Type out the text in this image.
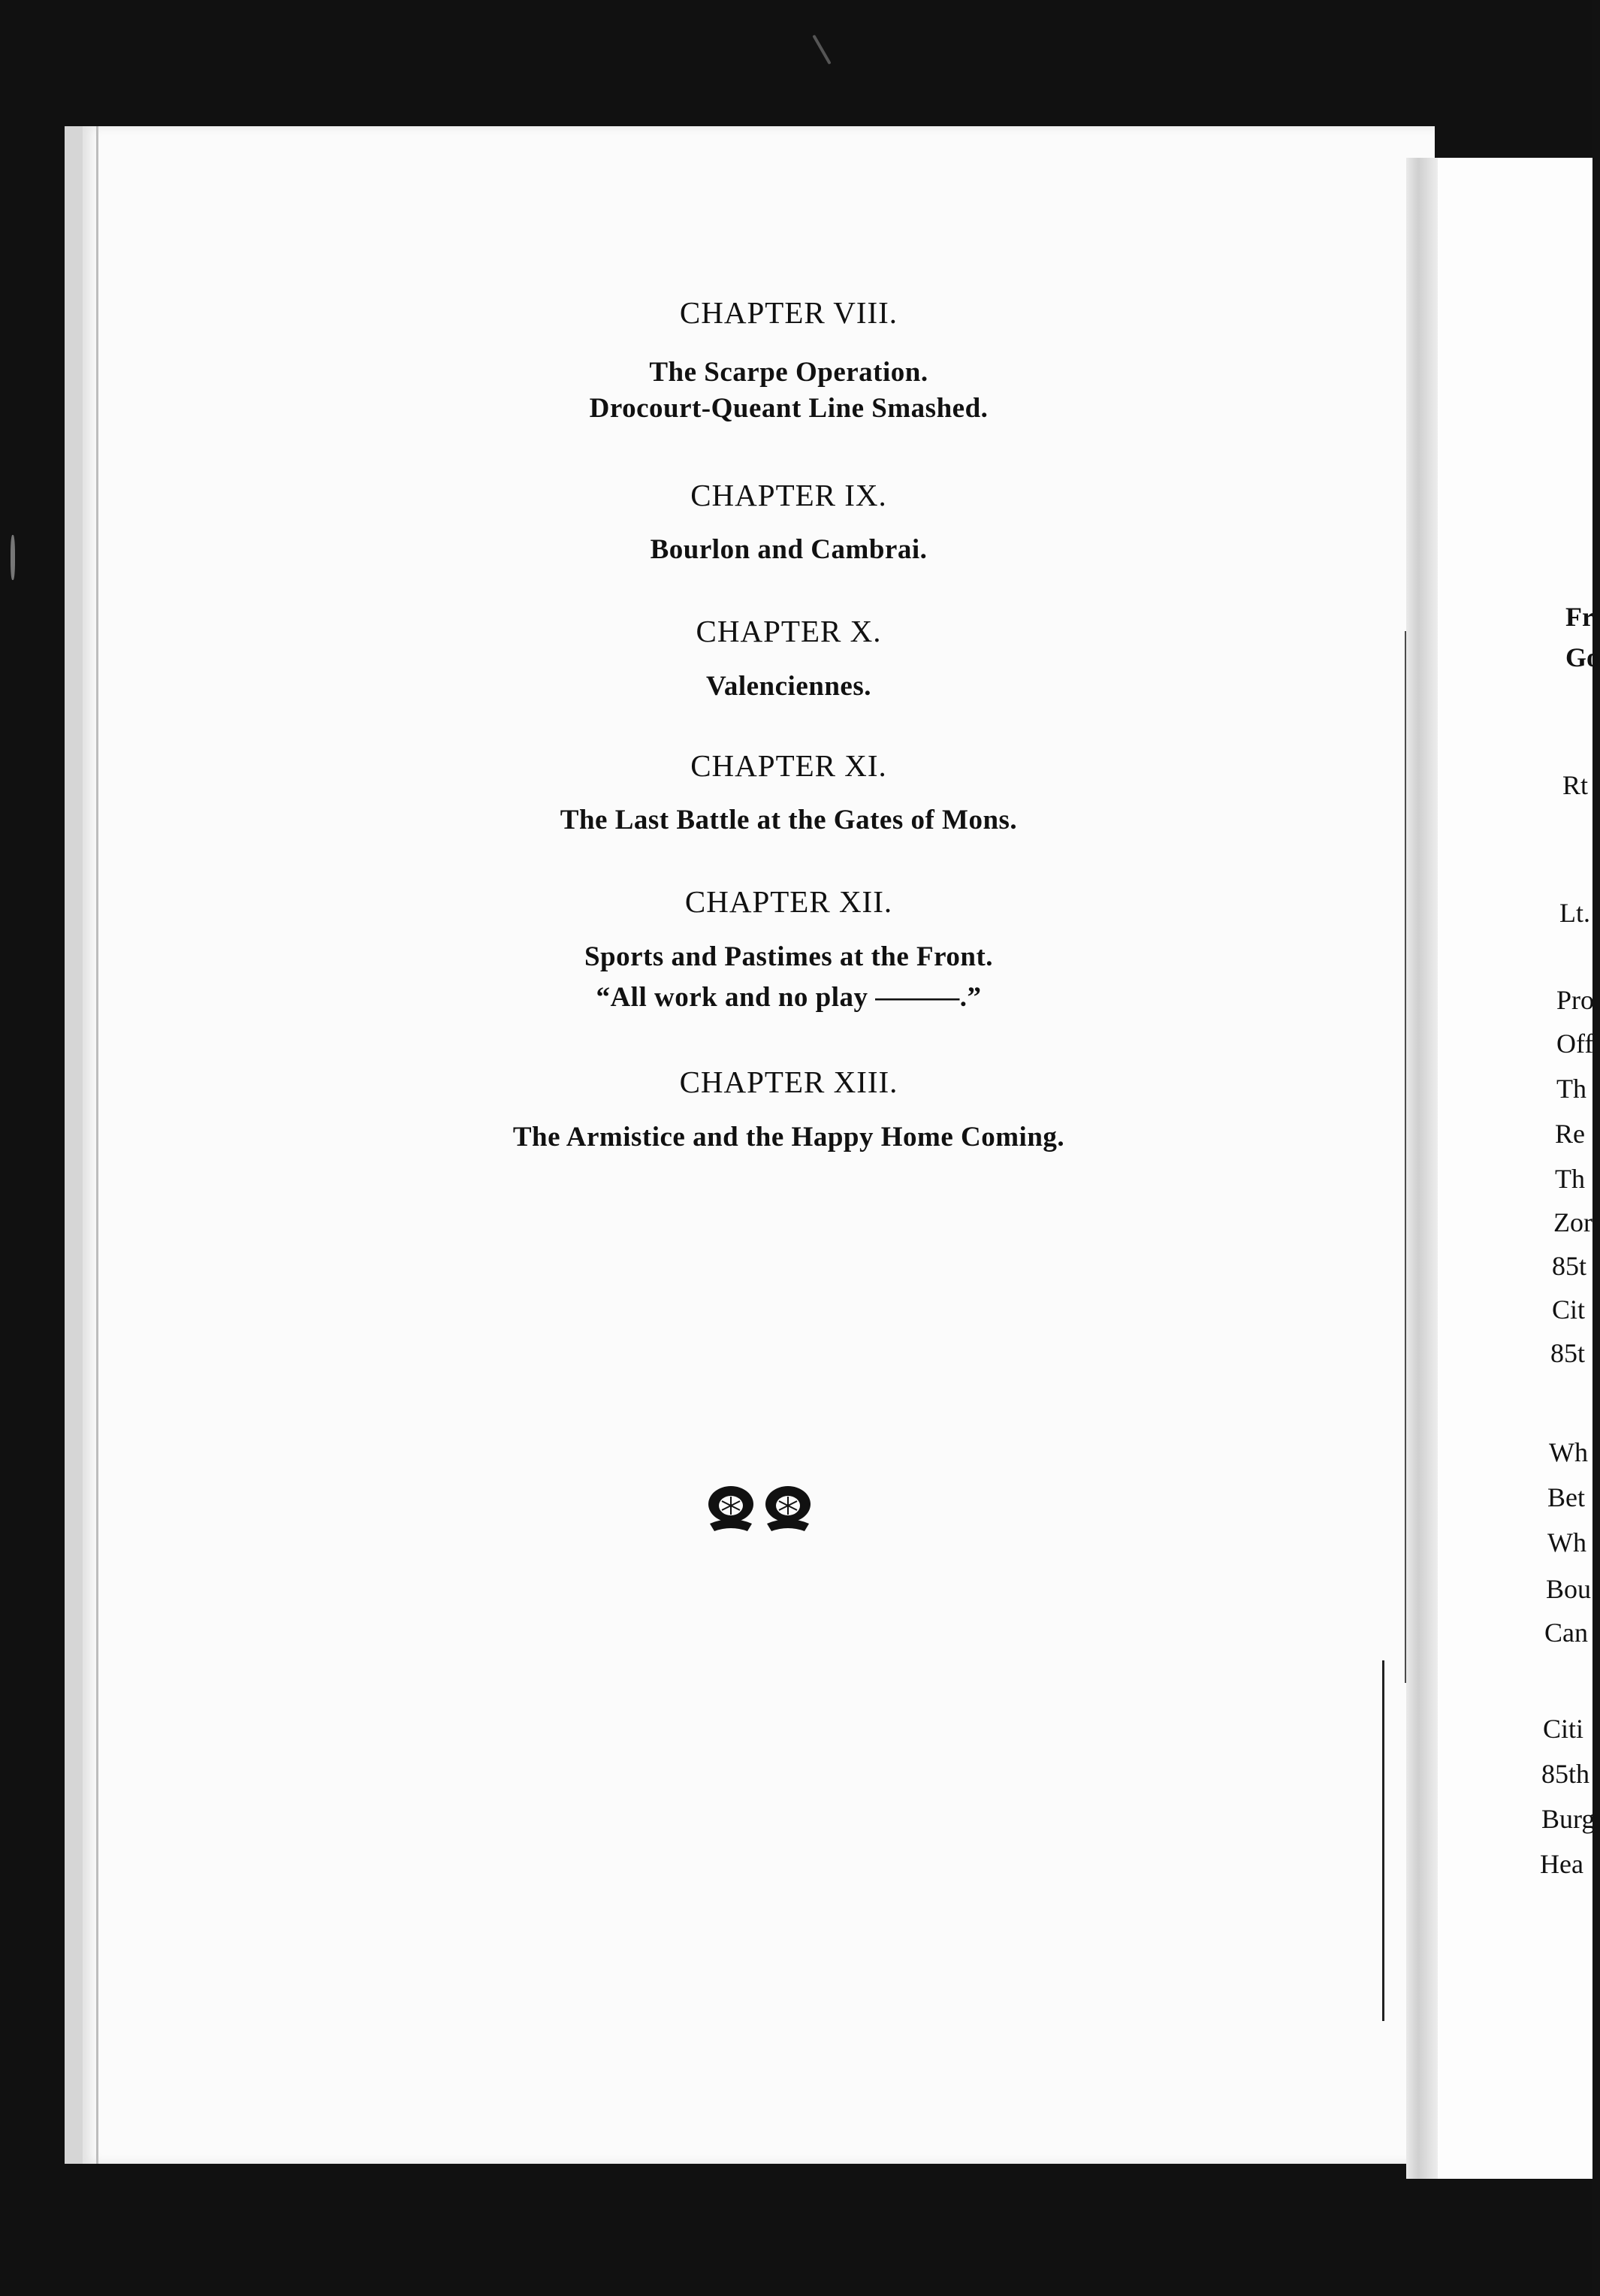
CHAPTER VIII.
The Scarpe Operation.
Drocourt-Queant Line Smashed.
CHAPTER IX.
Bourlon and Cambrai.
CHAPTER X.
Valenciennes.
CHAPTER XI.
The Last Battle at the Gates of Mons.
CHAPTER XII.
Sports and Pastimes at the Front.
“All work and no play ———.”
CHAPTER XIII.
The Armistice and the Happy Home Coming.
Fr
Go
Rt
Lt.
Pro
Off
Th
Re
Th
Zor
85t
Cit
85t
Wh
Bet
Wh
Bou
Can
Citi
85th
Burg
Hea
